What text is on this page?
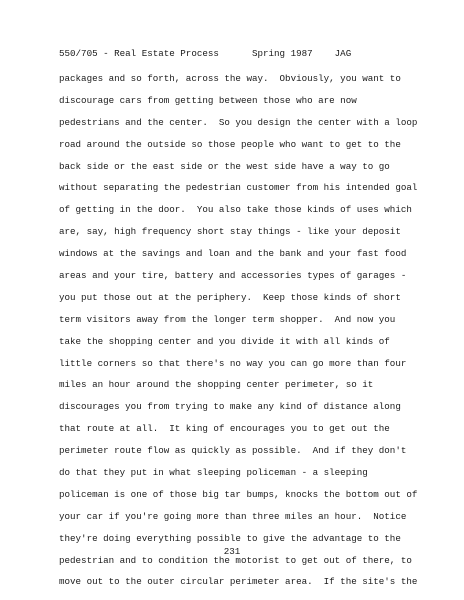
550/705 - Real Estate Process      Spring 1987    JAG
packages and so forth, across the way.  Obviously, you want to
discourage cars from getting between those who are now
pedestrians and the center.  So you design the center with a loop
road around the outside so those people who want to get to the
back side or the east side or the west side have a way to go
without separating the pedestrian customer from his intended goal
of getting in the door.  You also take those kinds of uses which
are, say, high frequency short stay things - like your deposit
windows at the savings and loan and the bank and your fast food
areas and your tire, battery and accessories types of garages -
you put those out at the periphery.  Keep those kinds of short
term visitors away from the longer term shopper.  And now you
take the shopping center and you divide it with all kinds of
little corners so that there's no way you can go more than four
miles an hour around the shopping center perimeter, so it
discourages you from trying to make any kind of distance along
that route at all.  It king of encourages you to get out the
perimeter route flow as quickly as possible.  And if they don't
do that they put in what sleeping policeman - a sleeping
policeman is one of those big tar bumps, knocks the bottom out of
your car if you're going more than three miles an hour.  Notice
they're doing everything possible to give the advantage to the
pedestrian and to condition the motorist to get out of there, to
move out to the outer circular perimeter area.  If the site's the
231
